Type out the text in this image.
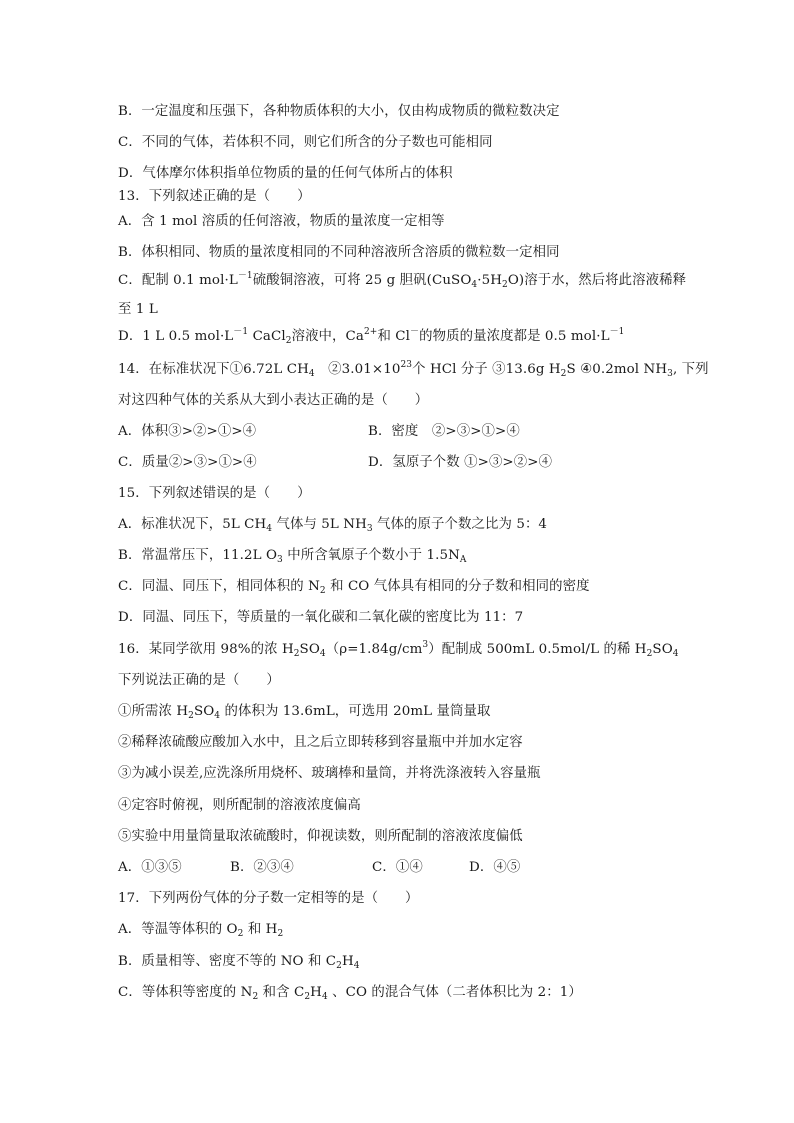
B．一定温度和压强下，各种物质体积的大小，仅由构成物质的微粒数决定
C．不同的气体，若体积不同，则它们所含的分子数也可能相同
D．气体摩尔体积指单位物质的量的任何气体所占的体积
13．下列叙述正确的是（　　）
A．含 1 mol 溶质的任何溶液，物质的量浓度一定相等
B．体积相同、物质的量浓度相同的不同种溶液所含溶质的微粒数一定相同
C．配制 0.1 $mol\cdot L^{-1}$硫酸铜溶液，可将 25 g 胆矾$(CuSO_4\cdot 5H_2O)$溶于水，然后将此溶液稀释
至 1 L
D．1 L 0.5 $mol\cdot L^{-1}$ CaCl$_2$溶液中，$Ca^{2+}$和 Cl－的物质的量浓度都是 0.5 $mol\cdot L^{-1}$
14．在标准状况下①6.72L $CH_4$　$②3.01\times 10^{23}$个 HCl 分子 ③13.6g $H_2S$ ④0.2mol $NH_3$, 下列
对这四种气体的关系从大到小表达正确的是（　　）
A．体积③>②>①>④	B．密度　②>③>①>④
C．质量②>③>①>④	D．氢原子个数 ①>③>②>④
15．下列叙述错误的是（　　）
A．标准状况下，5L $CH_4$ 气体与 5L $NH_3$ 气体的原子个数之比为 5：4
B．常温常压下，11.2L $O_3$ 中所含氧原子个数小于 $1.5N_A$
C．同温、同压下，相同体积的 $N_2$ 和 CO 气体具有相同的分子数和相同的密度
D．同温、同压下，等质量的一氧化碳和二氧化碳的密度比为 11：7
16．某同学欲用 98%的浓 $H_2SO_4(\rho=1.84g/cm^3)$配制成 500mL 0.5mol/L 的稀 $H_2SO_4$
下列说法正确的是（　　）
①所需浓 $H_2SO_4$ 的体积为 13.6mL，可选用 20mL 量筒量取
②稀释浓硫酸应酸加入水中，且之后立即转移到容量瓶中并加水定容
③为减小误差,应洗涤所用烧杯、玻璃棒和量筒，并将洗涤液转入容量瓶
④定容时俯视，则所配制的溶液浓度偏高
⑤实验中用量筒量取浓硫酸时，仰视读数，则所配制的溶液浓度偏低
A．①③⑤	B．②③④	C．①④	D．④⑤
17．下列两份气体的分子数一定相等的是（　　）
A．等温等体积的 $O_2$ 和 $H_2$
B．质量相等、密度不等的 NO 和 $C_2H_4$
C．等体积等密度的 $N_2$ 和含 $C_2H_4$ 、CO 的混合气体（二者体积比为 2：1）
